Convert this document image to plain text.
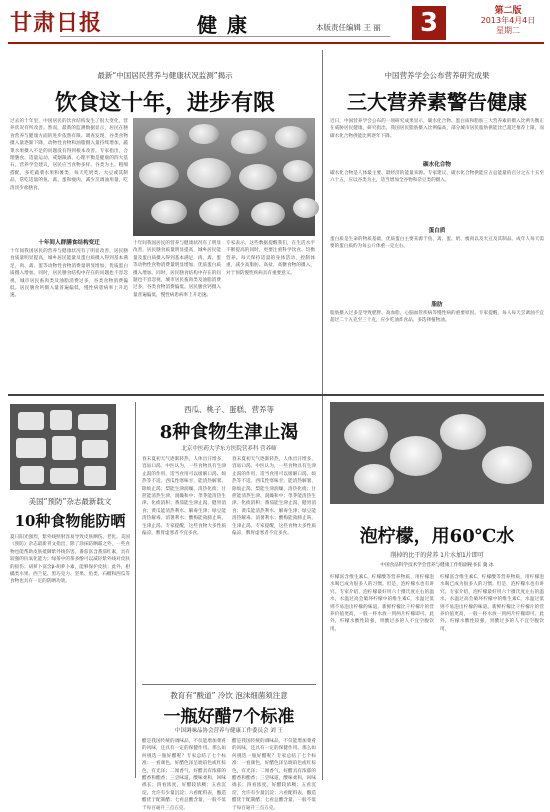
甘肃日报	健康	本版责任编辑 王 丽	3	第二版
2013年4月4日
星期二
最新“中国居民营养与健康状况监测”揭示
饮食这十年，进步有限
过去的十年里，中国居民的饮食结构发生了很大变化，营养状况有所改善。然而，最新的监测数据显示，居民在膳食营养与健康方面的进步依然有限。调查发现，谷类食物摄入量逐渐下降，动物性食物和油脂摄入量持续增加，蔬菜水果摄入不足的问题没有得到根本改善。专家指出，合理膳食、适量运动、戒烟限酒、心理平衡是健康的四大基石。营养学会建议，居民应当食物多样、谷类为主、粗细搭配，多吃蔬菜水果和薯类，每天吃奶类、大豆或其制品，常吃适量的鱼、禽、蛋和瘦肉，减少烹调油用量，吃清淡少盐膳食。
十年间人群膳食结构变迁
十年间我国居民的营养与健康状况有了明显改善，居民膳食质量明显提高，城乡居民能量及蛋白质摄入得到基本满足，肉、禽、蛋等动物性食物消费量明显增加，优质蛋白质摄入增加。同时，居民膳食结构中存在的问题也不容忽视，城市居民畜肉类及油脂消费过多，谷类食物消费偏低。居民膳食钙摄入量普遍偏低，慢性病患病率上升迅速。
十年间我国居民的营养与健康状况有了明显改善，居民膳食质量明显提高，城乡居民能量及蛋白质摄入得到基本满足，肉、禽、蛋等动物性食物消费量明显增加，优质蛋白质摄入增加。同时，居民膳食结构中存在的问题也不容忽视，城市居民畜肉类及油脂消费过多，谷类食物消费偏低。居民膳食钙摄入量普遍偏低，慢性病患病率上升迅速。
专家表示，这些数据提醒我们，在生活水平不断提高的同时，更要注重科学饮食、均衡营养。每天保持适量的身体活动，控制体重，减少高脂肪、高盐、高糖食物的摄入，对于预防慢性疾病具有重要意义。
中国营养学会公布营养研究成果
三大营养素警告健康
近日，中国营养学会公布的一项研究成果显示，碳水化合物、蛋白质和脂肪三大营养素的摄入比例失衡正在威胁居民健康。研究指出，我国居民脂肪摄入比例偏高，部分城市居民脂肪供能比已超过推荐上限，而碳水化合物供能比则逐年下降。
碳水化合物
碳水化合物是人体最主要、最经济的能量来源。专家建议，碳水化合物供能应占总能量的百分之五十五至六十五，应以谷类为主，适当增加全谷物和杂豆类的摄入。
蛋白质
蛋白质是生命的物质基础，优质蛋白主要来源于鱼、禽、蛋、奶、瘦肉以及大豆及其制品。成年人每天需要的蛋白质约为每公斤体重一克左右。
脂肪
脂肪摄入过多是导致肥胖、高血脂、心脑血管疾病等慢性病的重要原因。专家提醒，每人每天烹调油不宜超过二十五克至三十克，应少吃油炸食品，多选择植物油。
美国“预防”杂志最新载文
10种食物能防晒
夏日阳光强烈，紫外线照射容易导致皮肤晒伤、老化。美国《预防》杂志最新刊文指出，除了涂抹防晒霜之外，一些食物也能帮助皮肤抵御紫外线伤害。番茄富含番茄红素，具有较强的抗氧化能力；绿茶中的茶多酚可以减轻紫外线对皮肤的损伤；胡萝卜富含β-胡萝卜素，能够保护皮肤；此外，柑橘类水果、西兰花、黑巧克力、坚果、鱼类、石榴和西瓜等食物也具有一定的防晒功效。
西瓜、桃子、蛋糕、营养等
8种食物生津止渴
北京中医药大学东方医院营养科 营养师
春末夏初天气逐渐转热，人体出汗增多，容易口渴。中医认为，一些食物具有生津止渴的作用，适当食用可以缓解口渴、烦热等不适。西瓜性寒味甘，能清热解暑、除烦止渴；梨能生津润燥、清热化痰；甘蔗能清热生津、润燥和中；荸荠能清热生津、化痰消积；番茄能生津止渴、健胃消食；黄瓜能清热利水、解毒生津；绿豆能清热解毒、消暑利水；酸梅能敛肺止咳、生津止渴。专家提醒，这些食物大多性质偏凉，脾胃虚寒者不宜多食。
春末夏初天气逐渐转热，人体出汗增多，容易口渴。中医认为，一些食物具有生津止渴的作用，适当食用可以缓解口渴、烦热等不适。西瓜性寒味甘，能清热解暑、除烦止渴；梨能生津润燥、清热化痰；甘蔗能清热生津、润燥和中；荸荠能清热生津、化痰消积；番茄能生津止渴、健胃消食；黄瓜能清热利水、解毒生津；绿豆能清热解毒、消暑利水；酸梅能敛肺止咳、生津止渴。专家提醒，这些食物大多性质偏凉，脾胃虚寒者不宜多食。
教育有“酸道” 冷饮 泡沫细菌须注意
一瓶好醋7个标准
中国调味品协会营养与健康工作委员会 刘 王
醋是我国传统的调味品，不仅能增加菜肴的风味，还具有一定的保健作用。那么如何挑选一瓶好醋呢？专家总结了七个标准：一看颜色，好醋色泽呈琥珀色或红棕色，有光泽；二闻香气，好醋具有浓郁的醋香和酯香；三尝味道，酸味柔和，回味绵长；四看浓度，好醋较浓稠；五看沉淀，允许有少量沉淀；六看配料表，酿造醋优于配制醋；七看总酸含量，一般不低于每百毫升三点五克。
醋是我国传统的调味品，不仅能增加菜肴的风味，还具有一定的保健作用。那么如何挑选一瓶好醋呢？专家总结了七个标准：一看颜色，好醋色泽呈琥珀色或红棕色，有光泽；二闻香气，好醋具有浓郁的醋香和酯香；三尝味道，酸味柔和，回味绵长；四看浓度，好醋较浓稠；五看沉淀，允许有少量沉淀；六看配料表，酿造醋优于配制醋；七看总酸含量，一般不低于每百毫升三点五克。
泡柠檬，用60℃水
削掉的比干的营养 1片水加1片即可
中国食品科学技术学会营养与健康工作组副秘书长 冀 冰
柠檬富含维生素C、柠檬酸等营养物质，用柠檬泡水喝已成为很多人的习惯。但是，泡柠檬水也有讲究。专家介绍，泡柠檬最好用六十摄氏度左右的温水，水温过高会破坏柠檬中的维生素C，水温过低则不易泡出柠檬的味道。新鲜柠檬比干柠檬片的营养价值更高，一般一杯水放一到两片柠檬即可。此外，柠檬水酸性较强，胃酸过多的人不宜空腹饮用。
柠檬富含维生素C、柠檬酸等营养物质，用柠檬泡水喝已成为很多人的习惯。但是，泡柠檬水也有讲究。专家介绍，泡柠檬最好用六十摄氏度左右的温水，水温过高会破坏柠檬中的维生素C，水温过低则不易泡出柠檬的味道。新鲜柠檬比干柠檬片的营养价值更高，一般一杯水放一到两片柠檬即可。此外，柠檬水酸性较强，胃酸过多的人不宜空腹饮用。
